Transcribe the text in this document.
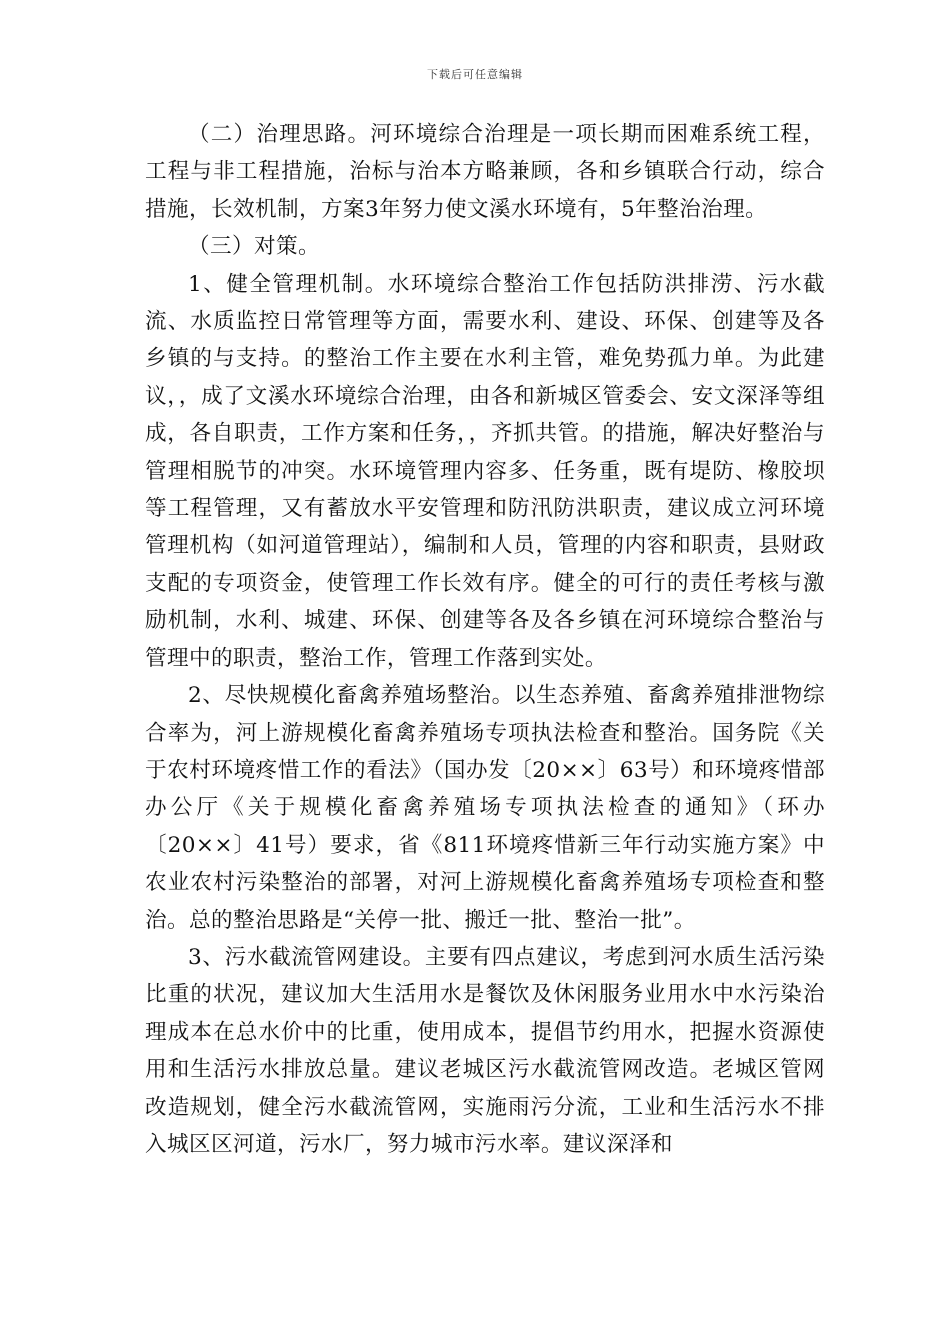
下载后可任意编辑

（二）治理思路。河环境综合治理是一项长期而困难系统工程，工程与非工程措施，治标与治本方略兼顾，各和乡镇联合行动，综合措施，长效机制，方案3年努力使文溪水环境有，5年整治治理。

（三）对策。

1、健全管理机制。水环境综合整治工作包括防洪排涝、污水截流、水质监控日常管理等方面，需要水利、建设、环保、创建等及各乡镇的与支持。的整治工作主要在水利主管，难免势孤力单。为此建议，，成了文溪水环境综合治理，由各和新城区管委会、安文深泽等组成，各自职责，工作方案和任务，，齐抓共管。的措施，解决好整治与管理相脱节的冲突。水环境管理内容多、任务重，既有堤防、橡胶坝等工程管理，又有蓄放水平安管理和防汛防洪职责，建议成立河环境管理机构（如河道管理站），编制和人员，管理的内容和职责，县财政支配的专项资金，使管理工作长效有序。健全的可行的责任考核与激励机制，水利、城建、环保、创建等各及各乡镇在河环境综合整治与管理中的职责，整治工作，管理工作落到实处。

2、尽快规模化畜禽养殖场整治。以生态养殖、畜禽养殖排泄物综合率为，河上游规模化畜禽养殖场专项执法检查和整治。国务院《关于农村环境疼惜工作的看法》（国办发〔20××〕63号）和环境疼惜部办公厅《关于规模化畜禽养殖场专项执法检查的通知》（环办〔20××〕41号）要求，省《811环境疼惜新三年行动实施方案》中农业农村污染整治的部署，对河上游规模化畜禽养殖场专项检查和整治。总的整治思路是“关停一批、搬迁一批、整治一批”。

3、污水截流管网建设。主要有四点建议，考虑到河水质生活污染比重的状况，建议加大生活用水是餐饮及休闲服务业用水中水污染治理成本在总水价中的比重，使用成本，提倡节约用水，把握水资源使用和生活污水排放总量。建议老城区污水截流管网改造。老城区管网改造规划，健全污水截流管网，实施雨污分流，工业和生活污水不排入城区区河道，污水厂，努力城市污水率。建议深泽和
